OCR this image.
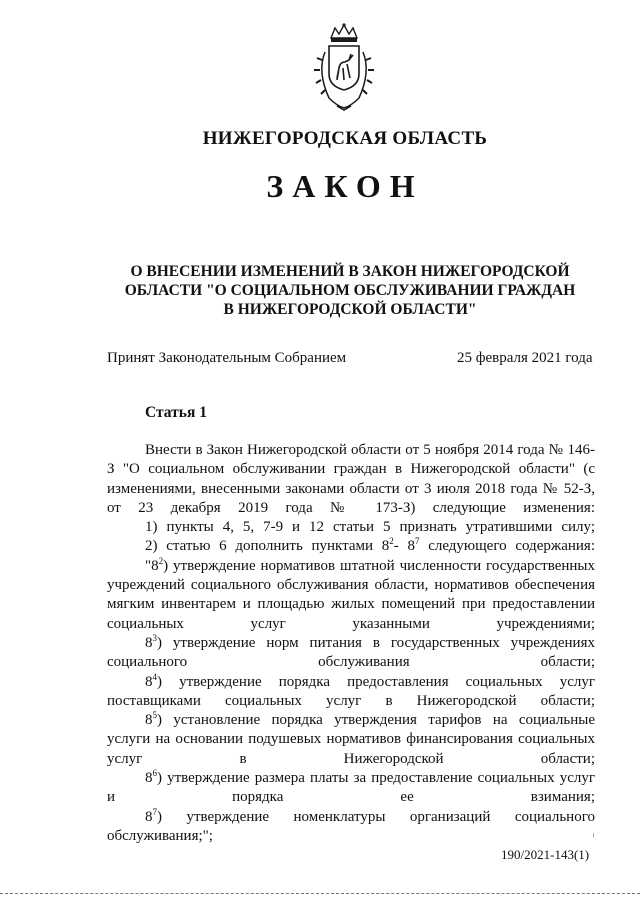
НИЖЕГОРОДСКАЯ ОБЛАСТЬ
ЗАКОН
О ВНЕСЕНИИ ИЗМЕНЕНИЙ В ЗАКОН НИЖЕГОРОДСКОЙ
ОБЛАСТИ "О СОЦИАЛЬНОМ ОБСЛУЖИВАНИИ ГРАЖДАН
В НИЖЕГОРОДСКОЙ ОБЛАСТИ"
Принят Законодательным Собранием	25 февраля 2021 года
Статья 1

Внести в Закон Нижегородской области от 5 ноября 2014 года № 146-З "О социальном обслуживании граждан в Нижегородской области" (с изменениями, внесенными законами области от 3 июля 2018 года № 52-З, от 23 декабря 2019 года № 173-З) следующие изменения:

1) пункты 4, 5, 7-9 и 12 статьи 5 признать утратившими силу;

2) статью 6 дополнить пунктами $8^2-$ $8^7$ следующего содержания:

"$8^2$) утверждение нормативов штатной численности государственных учреждений социального обслуживания области, нормативов обеспечения мягким инвентарем и площадью жилых помещений при предоставлении социальных услуг указанными учреждениями;

$8^3$) утверждение норм питания в государственных учреждениях социального обслуживания области;

$8^4$) утверждение порядка предоставления социальных услуг поставщиками социальных услуг в Нижегородской области;

$8^5$) установление порядка утверждения тарифов на социальные услуги на основании подушевых нормативов финансирования социальных услуг в Нижегородской области;

$8^6$) утверждение размера платы за предоставление социальных услуг и порядка ее взимания;

$8^7$) утверждение номенклатуры организаций социального обслуживания;";

190/2021-143(1)
